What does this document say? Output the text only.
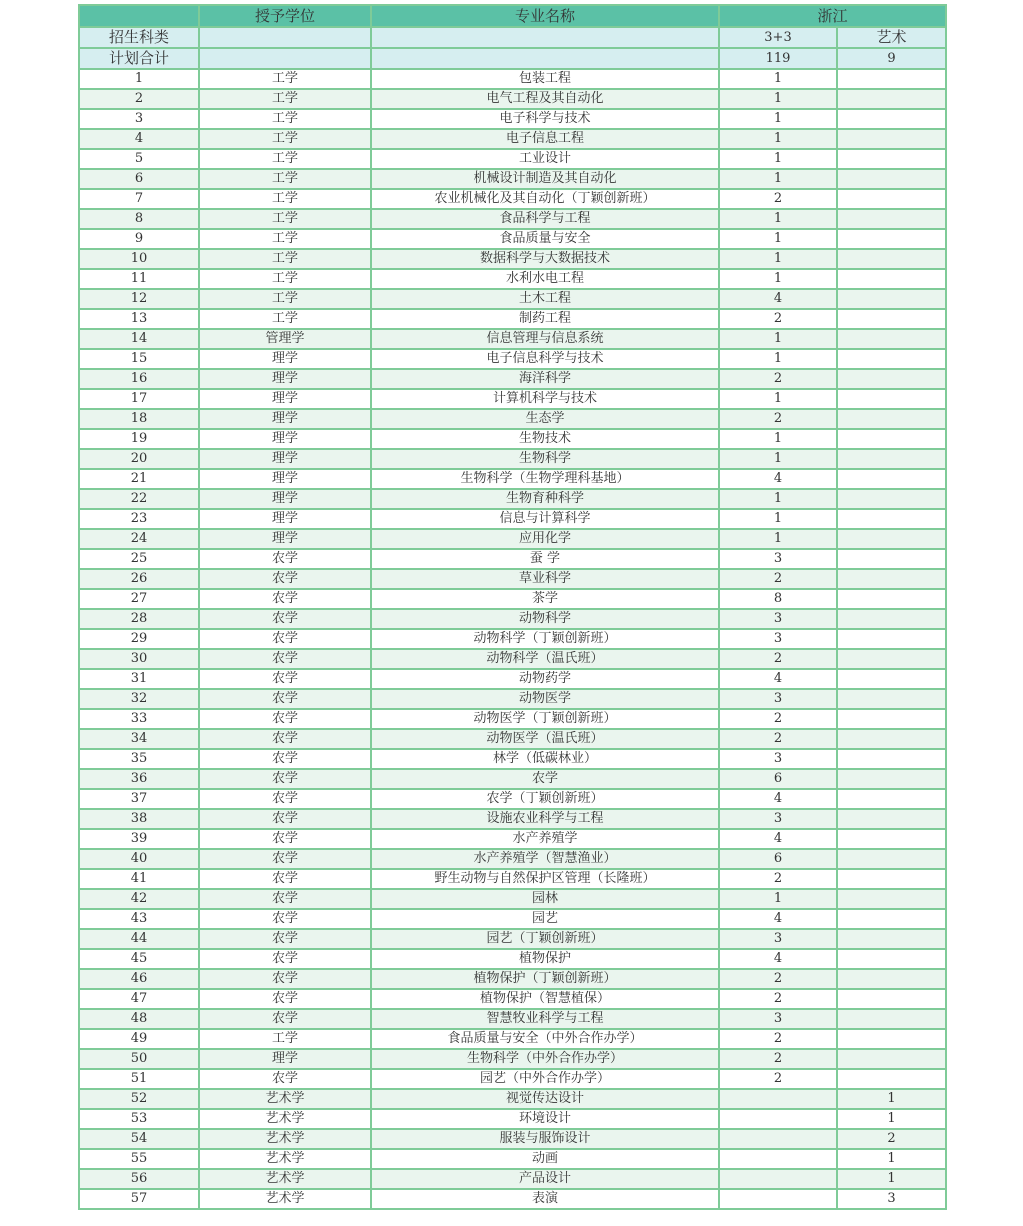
	授予学位	专业名称	浙江	
招生科类			3+3	艺术
计划合计			119	9
1	工学	包装工程	1	
2	工学	电气工程及其自动化	1	
3	工学	电子科学与技术	1	
4	工学	电子信息工程	1	
5	工学	工业设计	1	
6	工学	机械设计制造及其自动化	1	
7	工学	农业机械化及其自动化（丁颖创新班）	2	
8	工学	食品科学与工程	1	
9	工学	食品质量与安全	1	
10	工学	数据科学与大数据技术	1	
11	工学	水利水电工程	1	
12	工学	土木工程	4	
13	工学	制药工程	2	
14	管理学	信息管理与信息系统	1	
15	理学	电子信息科学与技术	1	
16	理学	海洋科学	2	
17	理学	计算机科学与技术	1	
18	理学	生态学	2	
19	理学	生物技术	1	
20	理学	生物科学	1	
21	理学	生物科学（生物学理科基地）	4	
22	理学	生物育种科学	1	
23	理学	信息与计算科学	1	
24	理学	应用化学	1	
25	农学	蚕 学	3	
26	农学	草业科学	2	
27	农学	茶学	8	
28	农学	动物科学	3	
29	农学	动物科学（丁颖创新班）	3	
30	农学	动物科学（温氏班）	2	
31	农学	动物药学	4	
32	农学	动物医学	3	
33	农学	动物医学（丁颖创新班）	2	
34	农学	动物医学（温氏班）	2	
35	农学	林学（低碳林业）	3	
36	农学	农学	6	
37	农学	农学（丁颖创新班）	4	
38	农学	设施农业科学与工程	3	
39	农学	水产养殖学	4	
40	农学	水产养殖学（智慧渔业）	6	
41	农学	野生动物与自然保护区管理（长隆班）	2	
42	农学	园林	1	
43	农学	园艺	4	
44	农学	园艺（丁颖创新班）	3	
45	农学	植物保护	4	
46	农学	植物保护（丁颖创新班）	2	
47	农学	植物保护（智慧植保）	2	
48	农学	智慧牧业科学与工程	3	
49	工学	食品质量与安全（中外合作办学）	2	
50	理学	生物科学（中外合作办学）	2	
51	农学	园艺（中外合作办学）	2	
52	艺术学	视觉传达设计		1
53	艺术学	环境设计		1
54	艺术学	服装与服饰设计		2
55	艺术学	动画		1
56	艺术学	产品设计		1
57	艺术学	表演		3
